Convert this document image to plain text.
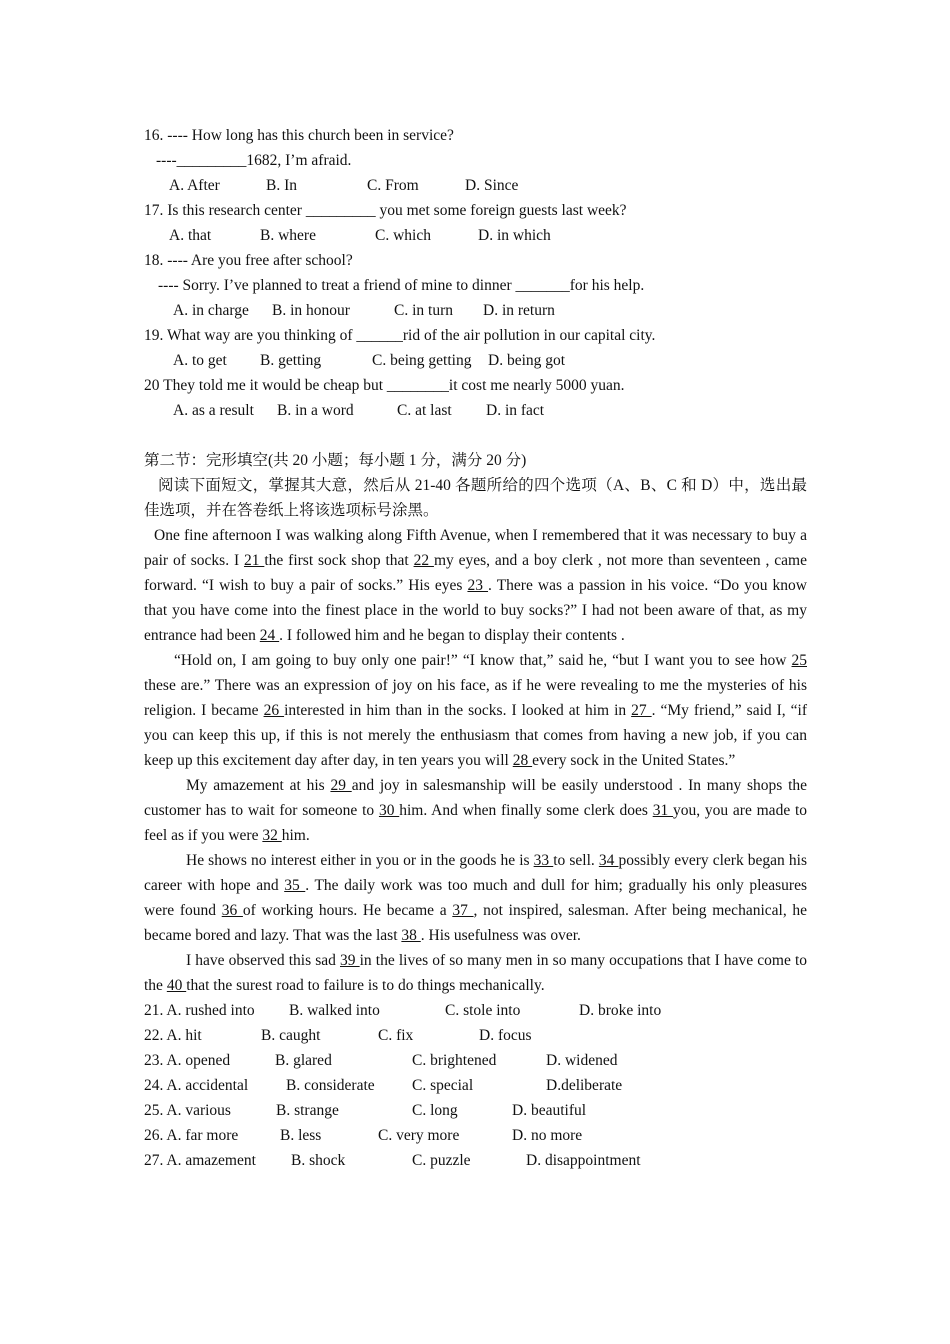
16. ---- How long has this church been in service?
----_________1682, I’m afraid.
A. After	B. In	C. From	D. Since
17. Is this research center _________ you met some foreign guests last week?
A. that	B. where	C. which	D. in which
18. ---- Are you free after school?
---- Sorry. I’ve planned to treat a friend of mine to dinner _______for his help.
A. in charge B. in honour	C. in turn D. in return
19. What way are you thinking of ______rid of the air pollution in our capital city.
A. to get B. getting	C. being getting D. being got
20 They told me it would be cheap but ________it cost me nearly 5000 yuan.
A. as a result B. in a word	C. at last D. in fact
第二节：完形填空(共 20 小题；每小题 1 分，满分 20 分)
阅读下面短文，掌握其大意，然后从 21-40 各题所给的四个选项（A、B、C 和 D）中，选出最佳选项，并在答卷纸上将该选项标号涂黑。
One fine afternoon I was walking along Fifth Avenue, when I remembered that it was necessary to buy a pair of socks. I 21 the first sock shop that 22 my eyes, and a boy clerk , not more than seventeen , came forward. “I wish to buy a pair of socks.” His eyes 23 . There was a passion in his voice. “Do you know that you have come into the finest place in the world to buy socks?” I had not been aware of that, as my entrance had been 24 . I followed him and he began to display their contents .
“Hold on, I am going to buy only one pair!” “I know that,” said he, “but I want you to see how 25 these are.” There was an expression of joy on his face, as if he were revealing to me the mysteries of his religion. I became 26 interested in him than in the socks. I looked at him in 27 . “My friend,” said I, “if you can keep this up, if this is not merely the enthusiasm that comes from having a new job, if you can keep up this excitement day after day, in ten years you will 28 every sock in the United States.”
My amazement at his 29 and joy in salesmanship will be easily understood . In many shops the customer has to wait for someone to 30 him. And when finally some clerk does 31 you, you are made to feel as if you were 32 him.
He shows no interest either in you or in the goods he is 33 to sell. 34 possibly every clerk began his career with hope and 35 . The daily work was too much and dull for him; gradually his only pleasures were found 36 of working hours. He became a 37 , not inspired, salesman. After being mechanical, he became bored and lazy. That was the last 38 . His usefulness was over.
I have observed this sad 39 in the lives of so many men in so many occupations that I have come to the 40 that the surest road to failure is to do things mechanically.
21. A. rushed into B. walked into	C. stole into	D. broke into
22. A. hit	B. caught	C. fix	D. focus
23. A. opened	B. glared	C. brightened	D. widened
24. A. accidental B. considerate C. special	D.deliberate
25. A. various	B. strange	C. long	D. beautiful
26. A. far more	B. less	C. very more	D. no more
27. A. amazement B. shock	C. puzzle	D. disappointment
